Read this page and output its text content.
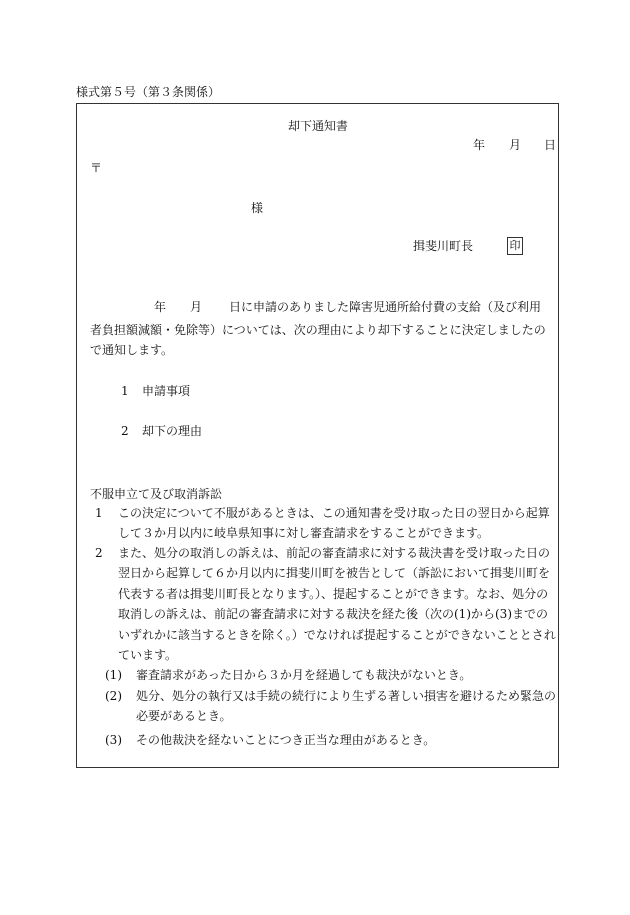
様式第５号（第３条関係）
却下通知書
年 月 日
〒
様
揖斐川町長	印
年 月 日に申請のありました障害児通所給付費の支給（及び利用
者負担額減額・免除等）については、次の理由により却下することに決定しましたので通知します。
1 申請事項
2 却下の理由
不服申立て及び取消訴訟
1 この決定について不服があるときは、この通知書を受け取った日の翌日から起算して３か月以内に岐阜県知事に対し審査請求をすることができます。
2 また、処分の取消しの訴えは、前記の審査請求に対する裁決書を受け取った日の翌日から起算して６か月以内に揖斐川町を被告として（訴訟において揖斐川町を代表する者は揖斐川町長となります。）、提起することができます。なお、処分の取消しの訴えは、前記の審査請求に対する裁決を経た後（次の(1)から(3)までのいずれかに該当するときを除く。）でなければ提起することができないこととされています。
(1) 審査請求があった日から３か月を経過しても裁決がないとき。
(2) 処分、処分の執行又は手続の続行により生ずる著しい損害を避けるため緊急の必要があるとき。
(3) その他裁決を経ないことにつき正当な理由があるとき。
